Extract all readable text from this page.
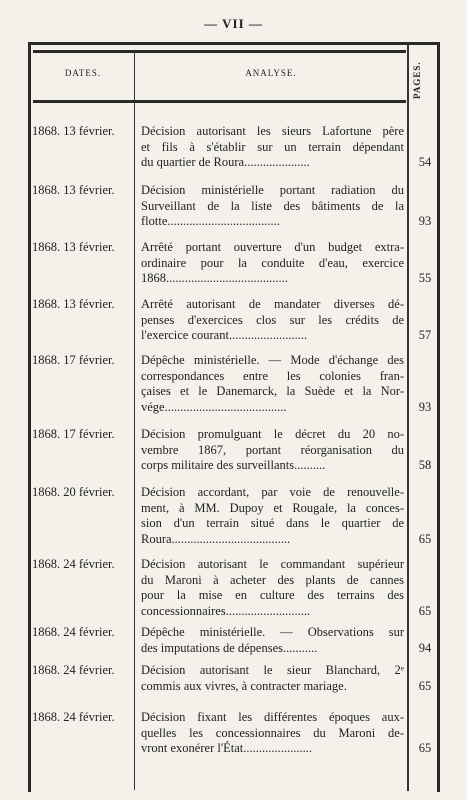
— VII —
DATES.	ANALYSE.	PAGES.
1868. 13 février.	Décision autorisant les sieurs Lafortune père
et fils à s'établir sur un terrain dépendant
du quartier de Roura.....................	54
1868. 13 février.	Décision ministérielle portant radiation du
Surveillant de la liste des bâtiments de la
flotte....................................	93
1868. 13 février.	Arrêté portant ouverture d'un budget extra-
ordinaire pour la conduite d'eau, exercice
1868.......................................	55
1868. 13 février.	Arrêté autorisant de mandater diverses dé-
penses d'exercices clos sur les crédits de
l'exercice courant.........................	57
1868. 17 février.	Dépêche ministérielle. — Mode d'échange des
correspondances entre les colonies fran-
çaises et le Danemarck, la Suède et la Nor-
vége.......................................	93
1868. 17 février.	Décision promulguant le décret du 20 no-
vembre 1867, portant réorganisation du
corps militaire des surveillants..........	58
1868. 20 février.	Décision accordant, par voie de renouvelle-
ment, à MM. Dupoy et Rougale, la conces-
sion d'un terrain situé dans le quartier de
Roura......................................	65
1868. 24 février.	Décision autorisant le commandant supérieur
du Maroni à acheter des plants de cannes
pour la mise en culture des terrains des
concessionnaires...........................	65
1868. 24 février.	Dépêche ministérielle. — Observations sur
des imputations de dépenses...........	94
1868. 24 février.	Décision autorisant le sieur Blanchard, 2ᵉ
commis aux vivres, à contracter mariage.	65
1868. 24 février.	Décision fixant les différentes époques aux-
quelles les concessionnaires du Maroni de-
vront exonérer l'État......................	65
